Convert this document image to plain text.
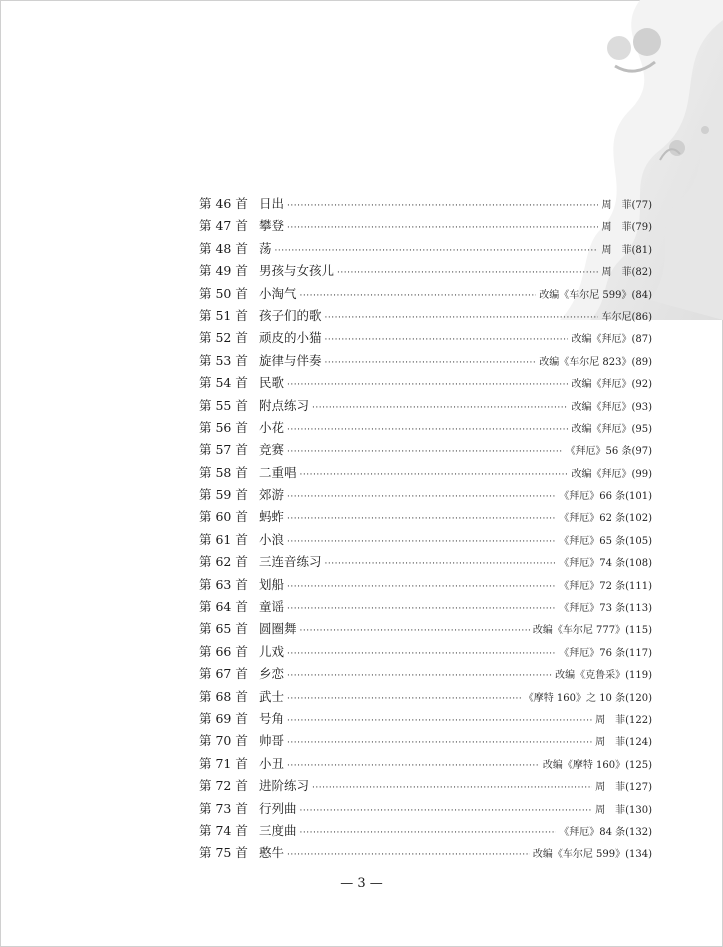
第 46 首 日出 ·····	周　菲(77)
第 47 首 攀登 ·····	周　菲(79)
第 48 首 荡 ·····	周　菲(81)
第 49 首 男孩与女孩儿 ·····	周　菲(82)
第 50 首 小淘气 ·····	改编《车尔尼 599》(84)
第 51 首 孩子们的歌 ·····	车尔尼(86)
第 52 首 顽皮的小猫 ·····	改编《拜厄》(87)
第 53 首 旋律与伴奏 ·····	改编《车尔尼 823》(89)
第 54 首 民歌 ·····	改编《拜厄》(92)
第 55 首 附点练习 ·····	改编《拜厄》(93)
第 56 首 小花 ·····	改编《拜厄》(95)
第 57 首 竞赛 ·····	《拜厄》56 条(97)
第 58 首 二重唱 ·····	改编《拜厄》(99)
第 59 首 郊游 ·····	《拜厄》66 条(101)
第 60 首 蚂蚱 ·····	《拜厄》62 条(102)
第 61 首 小浪 ·····	《拜厄》65 条(105)
第 62 首 三连音练习 ·····	《拜厄》74 条(108)
第 63 首 划船 ·····	《拜厄》72 条(111)
第 64 首 童谣 ·····	《拜厄》73 条(113)
第 65 首 圆圈舞 ·····	改编《车尔尼 777》(115)
第 66 首 儿戏 ·····	《拜厄》76 条(117)
第 67 首 乡恋 ·····	改编《克鲁采》(119)
第 68 首 武士 ·····	《摩特 160》之 10 条(120)
第 69 首 号角 ·····	周　菲(122)
第 70 首 帅哥 ·····	周　菲(124)
第 71 首 小丑 ·····	改编《摩特 160》(125)
第 72 首 进阶练习 ·····	周　菲(127)
第 73 首 行列曲 ·····	周　菲(130)
第 74 首 三度曲 ·····	《拜厄》84 条(132)
第 75 首 憨牛 ·····	改编《车尔尼 599》(134)
— 3 —
